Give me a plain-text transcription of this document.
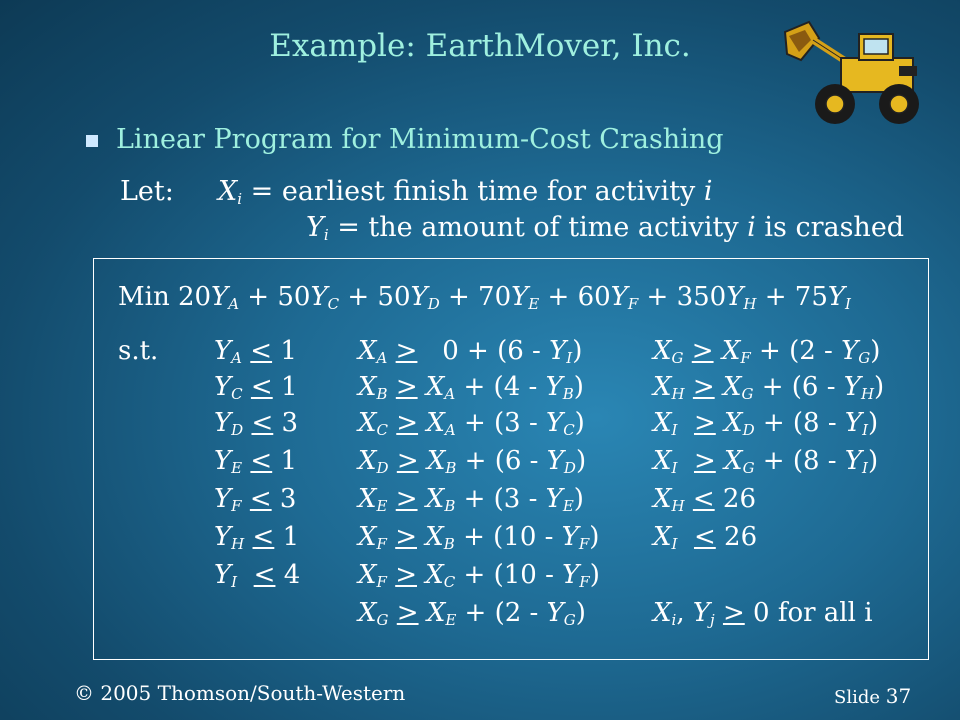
Example: EarthMover, Inc.
Linear Program for Minimum-Cost Crashing
Let: $X_i$ = earliest finish time for activity i
$Y_i$ = the amount of time activity i is crashed
Min $20Y_A + 50Y_C + 50Y_D + 70Y_E + 60Y_F + 350Y_H + 75Y_I$
s.t. $Y_A < 1$
$Y_C < 1$
$Y_D < 3$
$Y_E < 1$
$Y_F < 3$
$Y_H < 1$
$Y_I < 4$
$X_A > 0 + (6 - Y_I)$
$X_B > X_A + (4 - Y_B)$
$X_C > X_A + (3 - Y_C)$
$X_D > X_B + (6 - Y_D)$
$X_E > X_B + (3 - Y_E)$
$X_F > X_B + (10 - Y_F)$
$X_F > X_C + (10 - Y_F)$
$X_G > X_E + (2 - Y_G)$
$X_G > X_F + (2 - Y_G)$
$X_H > X_G + (6 - Y_H)$
$X_I > X_D + (8 - Y_I)$
$X_I > X_G + (8 - Y_I)$
$X_H < 26$
$X_I < 26$
$X_i$, $Y_j > 0$ for all i
© 2005 Thomson/South-Western	Slide 37
